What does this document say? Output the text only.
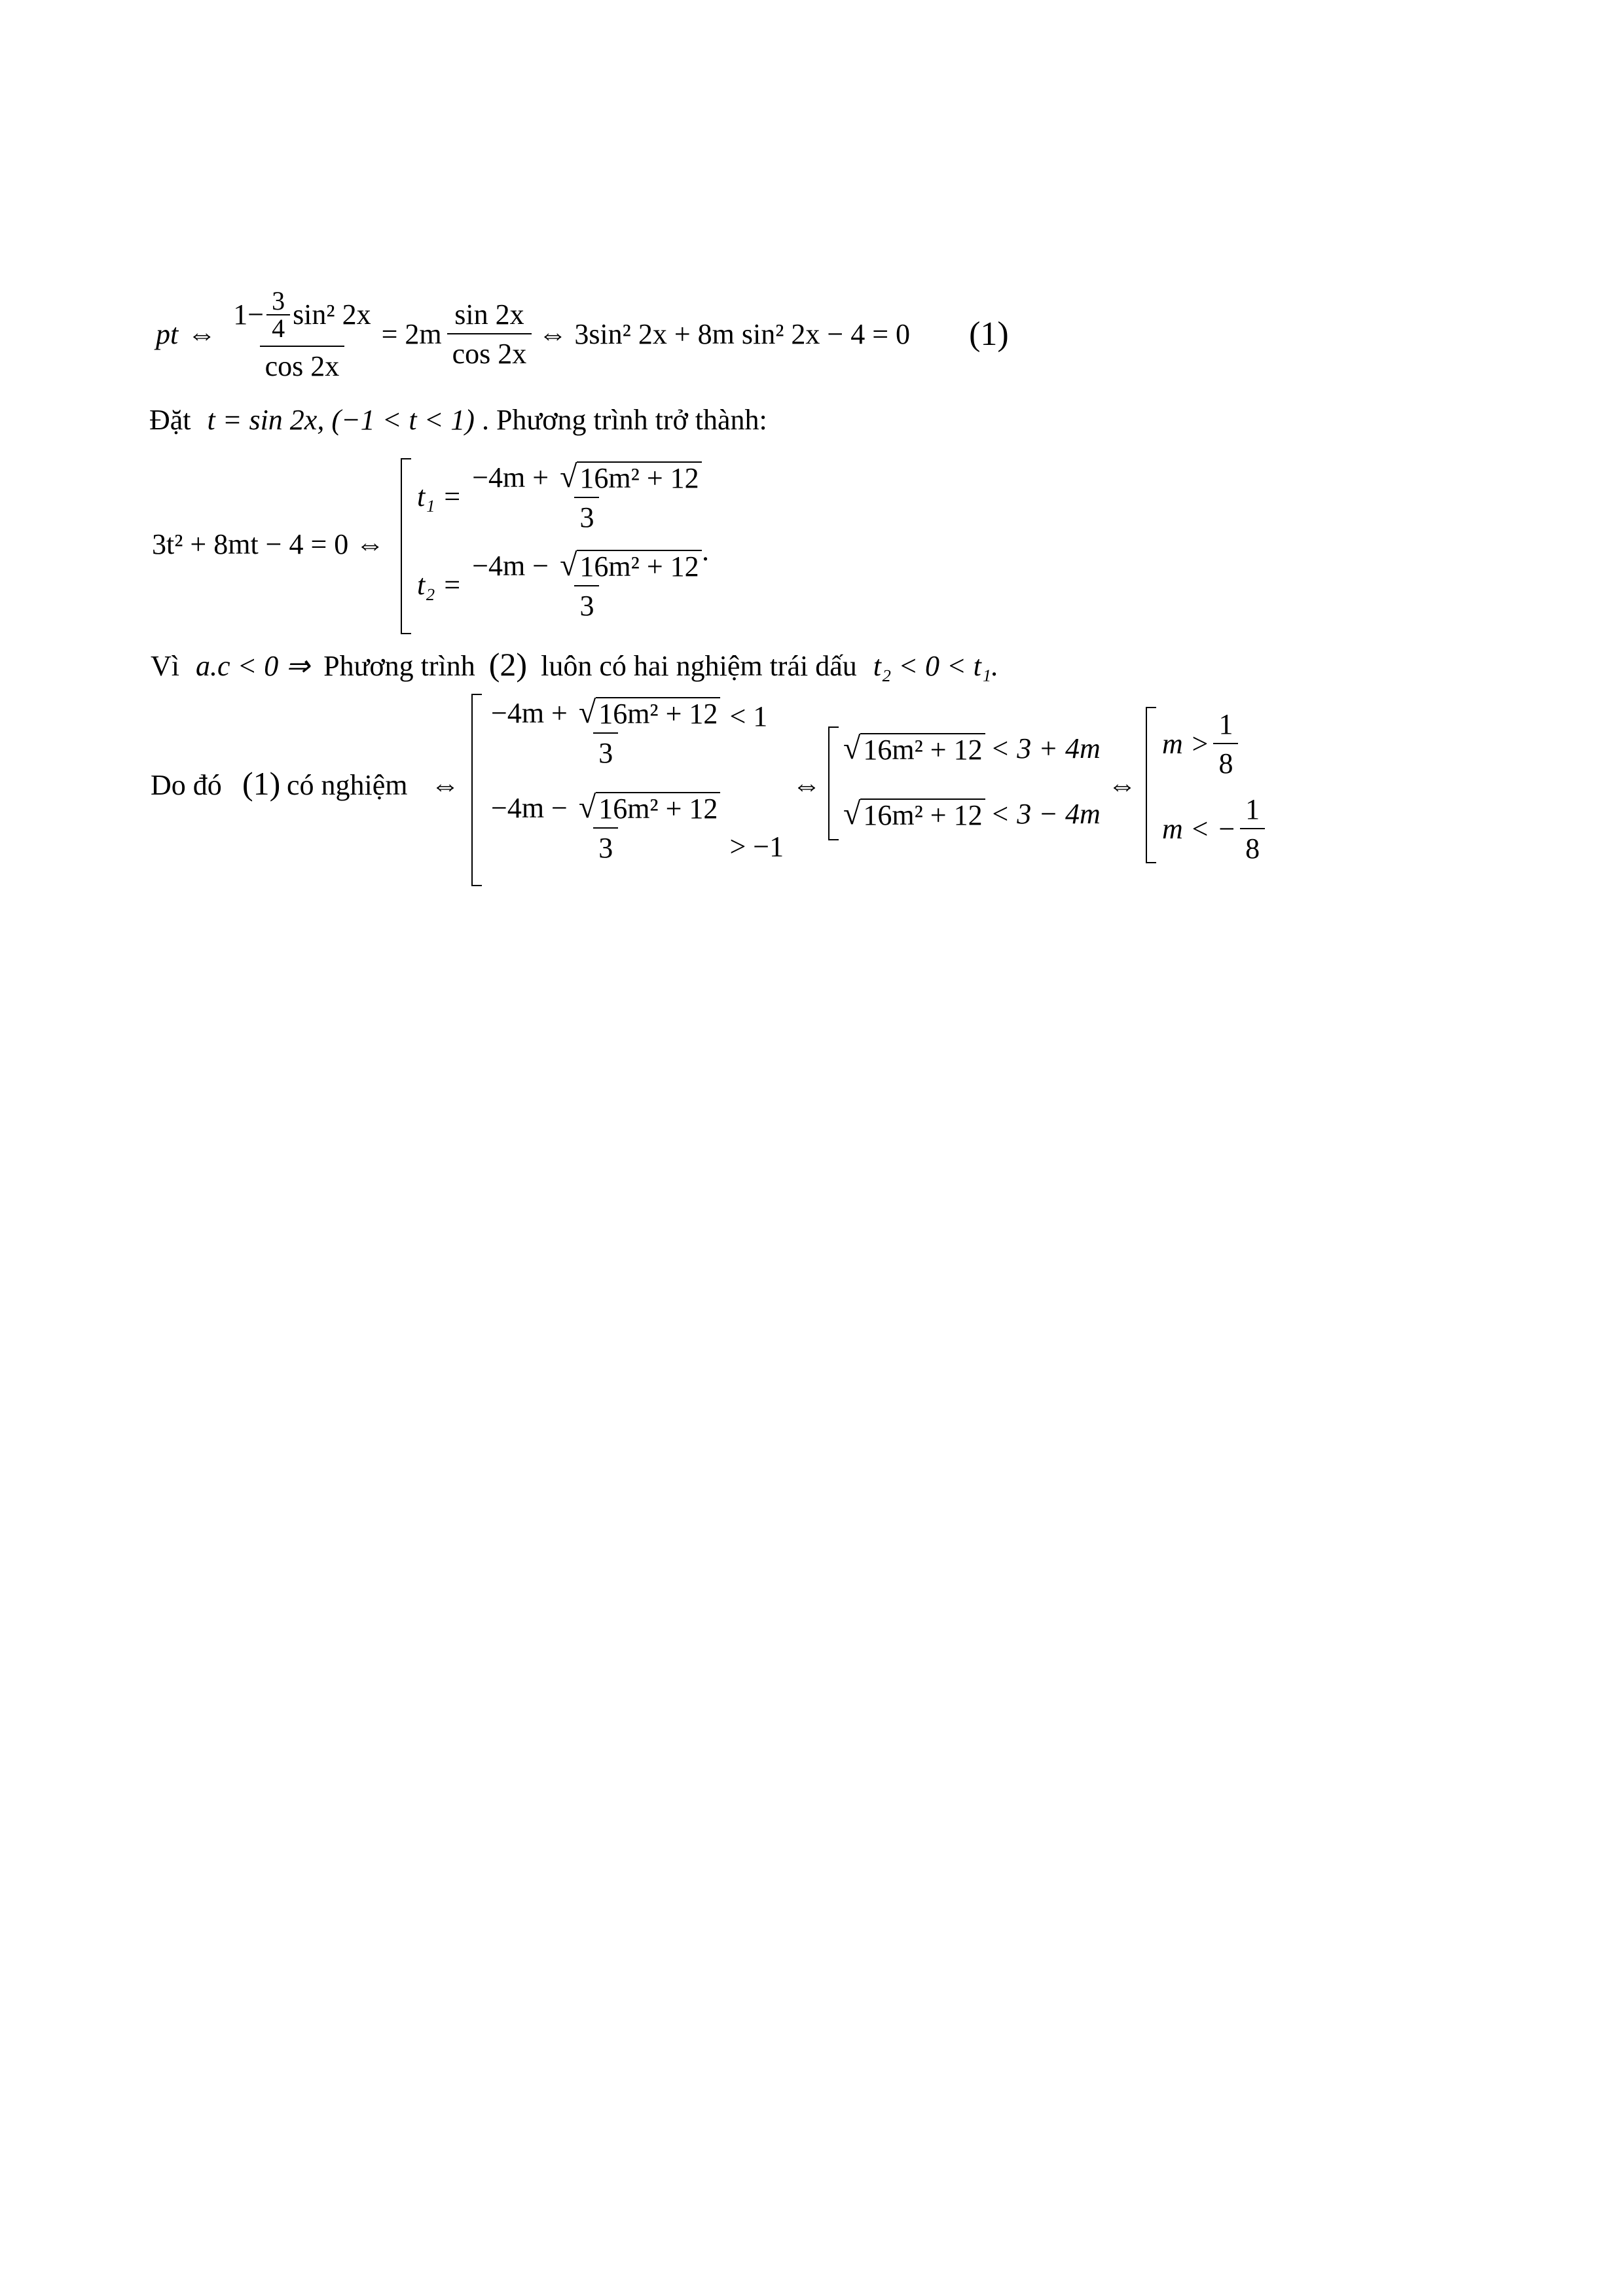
pt ⇔ $\frac{1- \frac{3}{4} \sin^2 2x}{\cos 2x} = 2m \frac{\sin 2x}{\cos 2x}$ ⇔ 3sin² 2x + 8m sin² 2x − 4 = 0 (1)
Đặt t = sin 2x, (−1 < t < 1) . Phương trình trở thành:
3t² + 8mt − 4 = 0 ⇔
$t_1 = \frac{\text{−4m + √ 16m² + 12}}{3}$
$t_2 = \frac{\text{−4m − √ 16m² + 12}}{3}$
.
Vì a.c < 0 ⇒ Phương trình (2) luôn có hai nghiệm trái dấu t₂ < 0 < t₁.
Do đó (1) có nghiệm ⇔
$\frac{\text{−4m + √ 16m² + 12}}{3} < 1$
$\frac{\text{−4m − √ 16m² + 12}}{3} > -1$
⇔
√ 16m² + 12 < 3 + 4m
√ 16m² + 12 < 3 − 4m
⇔
$m > \frac{1}{8}$
m < − $\frac{1}{8}$
